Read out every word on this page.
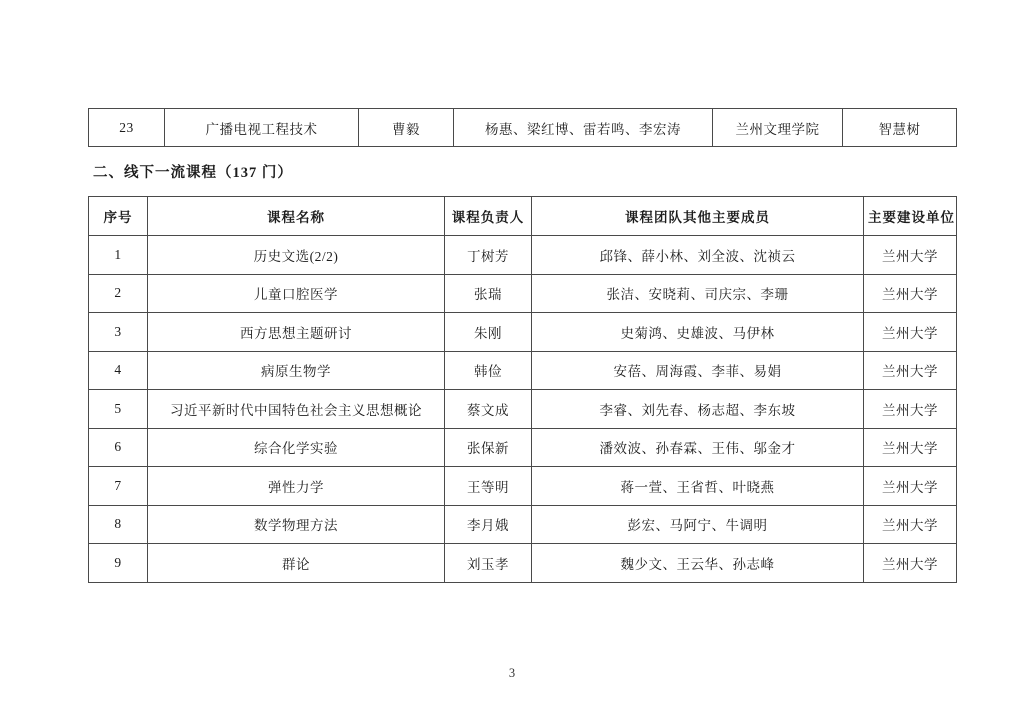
23	广播电视工程技术	曹毅	杨惠、梁红博、雷若鸣、李宏涛	兰州文理学院	智慧树
二、线下一流课程（137 门）
序号	课程名称	课程负责人	课程团队其他主要成员	主要建设单位
1	历史文选(2/2)	丁树芳	邱锋、薛小林、刘全波、沈祯云	兰州大学
2	儿童口腔医学	张瑞	张洁、安晓莉、司庆宗、李珊	兰州大学
3	西方思想主题研讨	朱刚	史菊鸿、史雄波、马伊林	兰州大学
4	病原生物学	韩俭	安蓓、周海霞、李菲、易娟	兰州大学
5	习近平新时代中国特色社会主义思想概论	蔡文成	李睿、刘先春、杨志超、李东坡	兰州大学
6	综合化学实验	张保新	潘效波、孙春霖、王伟、邬金才	兰州大学
7	弹性力学	王等明	蒋一萱、王省哲、叶晓燕	兰州大学
8	数学物理方法	李月娥	彭宏、马阿宁、牛调明	兰州大学
9	群论	刘玉孝	魏少文、王云华、孙志峰	兰州大学
3
